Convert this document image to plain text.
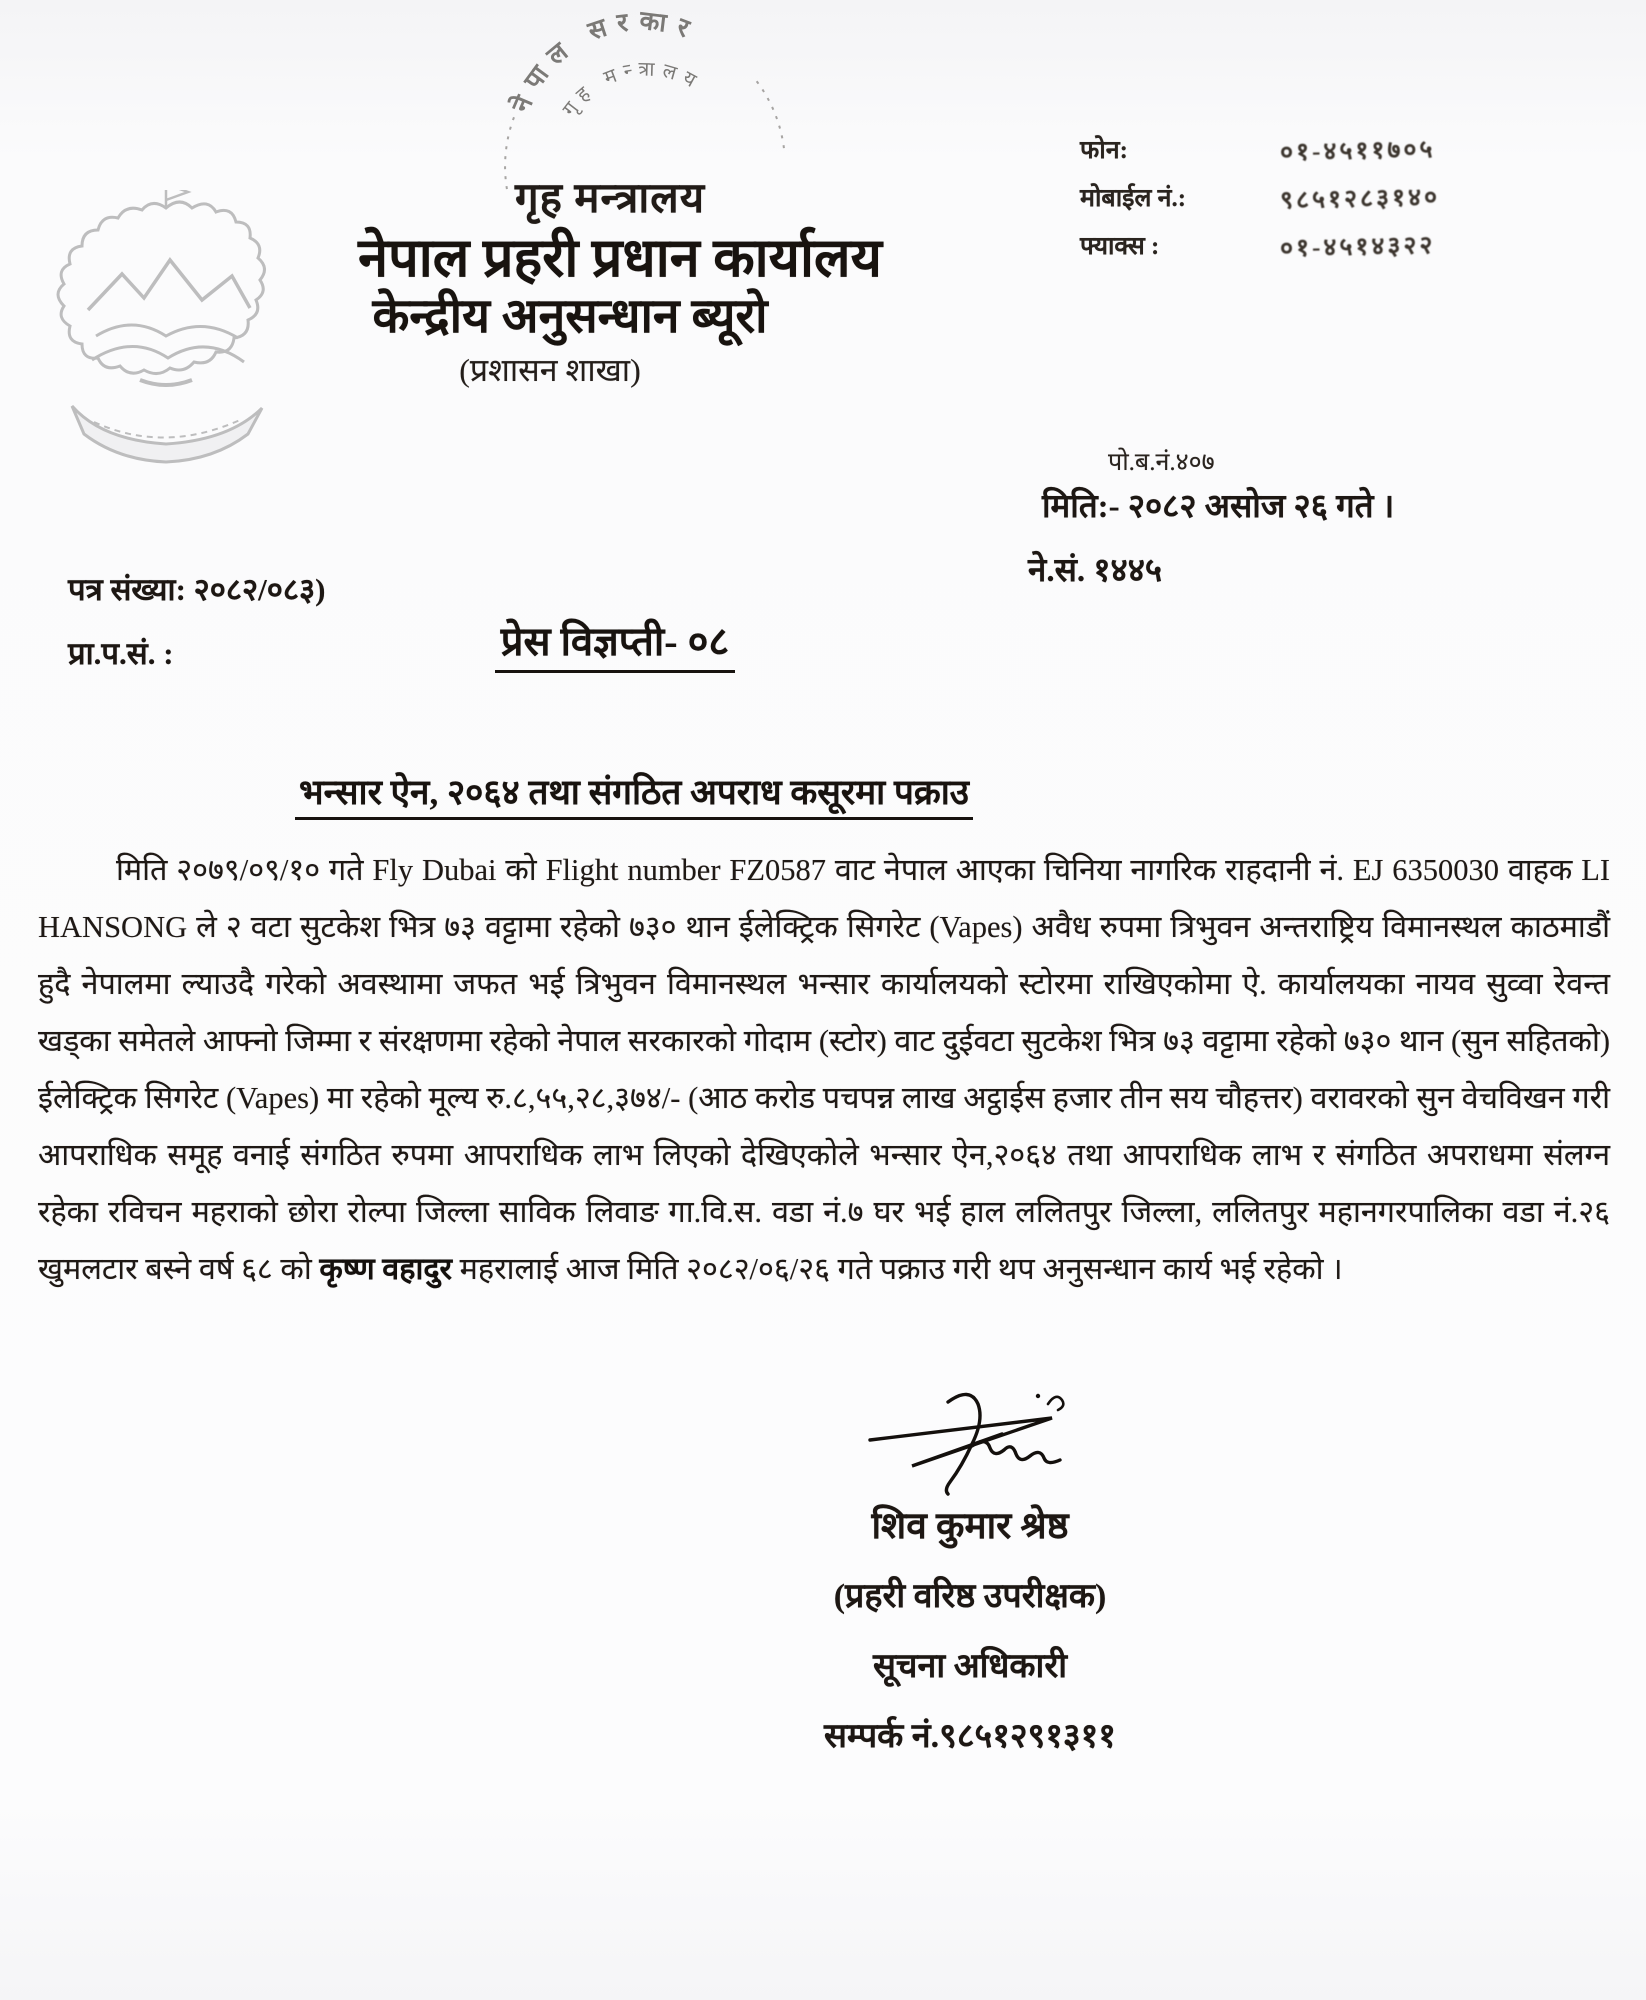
नेपाल सरकार
गृह मन्त्रालय
गृह मन्त्रालय
नेपाल प्रहरी प्रधान कार्यालय
केन्द्रीय अनुसन्धान ब्यूरो
(प्रशासन शाखा)
फोन:	०१-४५११७०५
मोबाईल नं.:	९८५१२८३१४०
फ्याक्स :	०१-४५१४३२२
पो.ब.नं.४०७
मिति:- २०८२ असोज २६ गते ।
ने.सं. १४४५
पत्र संख्या: २०८२/०८३)
प्रा.प.सं. :	प्रेस विज्ञप्ती- ०८
भन्सार ऐन, २०६४ तथा संगठित अपराध कसूरमा पक्राउ
मिति २०७९/०९/१० गते Fly Dubai को Flight number FZ0587 वाट नेपाल आएका चिनिया नागरिक राहदानी नं. EJ 6350030 वाहक LI HANSONG ले २ वटा सुटकेश भित्र ७३ वट्टामा रहेको ७३० थान ईलेक्ट्रिक सिगरेट (Vapes) अवैध रुपमा त्रिभुवन अन्तराष्ट्रिय विमानस्थल काठमाडौं हुदै नेपालमा ल्याउदै गरेको अवस्थामा जफत भई त्रिभुवन विमानस्थल भन्सार कार्यालयको स्टोरमा राखिएकोमा ऐ. कार्यालयका नायव सुव्वा रेवन्त खड्का समेतले आफ्नो जिम्मा र संरक्षणमा रहेको नेपाल सरकारको गोदाम (स्टोर) वाट दुईवटा सुटकेश भित्र ७३ वट्टामा रहेको ७३० थान (सुन सहितको) ईलेक्ट्रिक सिगरेट (Vapes) मा रहेको मूल्य रु.८,५५,२८,३७४/- (आठ करोड पचपन्न लाख अट्ठाईस हजार तीन सय चौहत्तर) वरावरको सुन वेचविखन गरी आपराधिक समूह वनाई संगठित रुपमा आपराधिक लाभ लिएको देखिएकोले भन्सार ऐन,२०६४ तथा आपराधिक लाभ र संगठित अपराधमा संलग्न रहेका रविचन महराको छोरा रोल्पा जिल्ला साविक लिवाङ गा.वि.स. वडा नं.७ घर भई हाल ललितपुर जिल्ला, ललितपुर महानगरपालिका वडा नं.२६ खुमलटार बस्ने वर्ष ६८ को कृष्ण वहादुर महरालाई आज मिति २०८२/०६/२६ गते पक्राउ गरी थप अनुसन्धान कार्य भई रहेको ।
शिव कुमार श्रेष्ठ
(प्रहरी वरिष्ठ उपरीक्षक)
सूचना अधिकारी
सम्पर्क नं.९८५१२९१३११
